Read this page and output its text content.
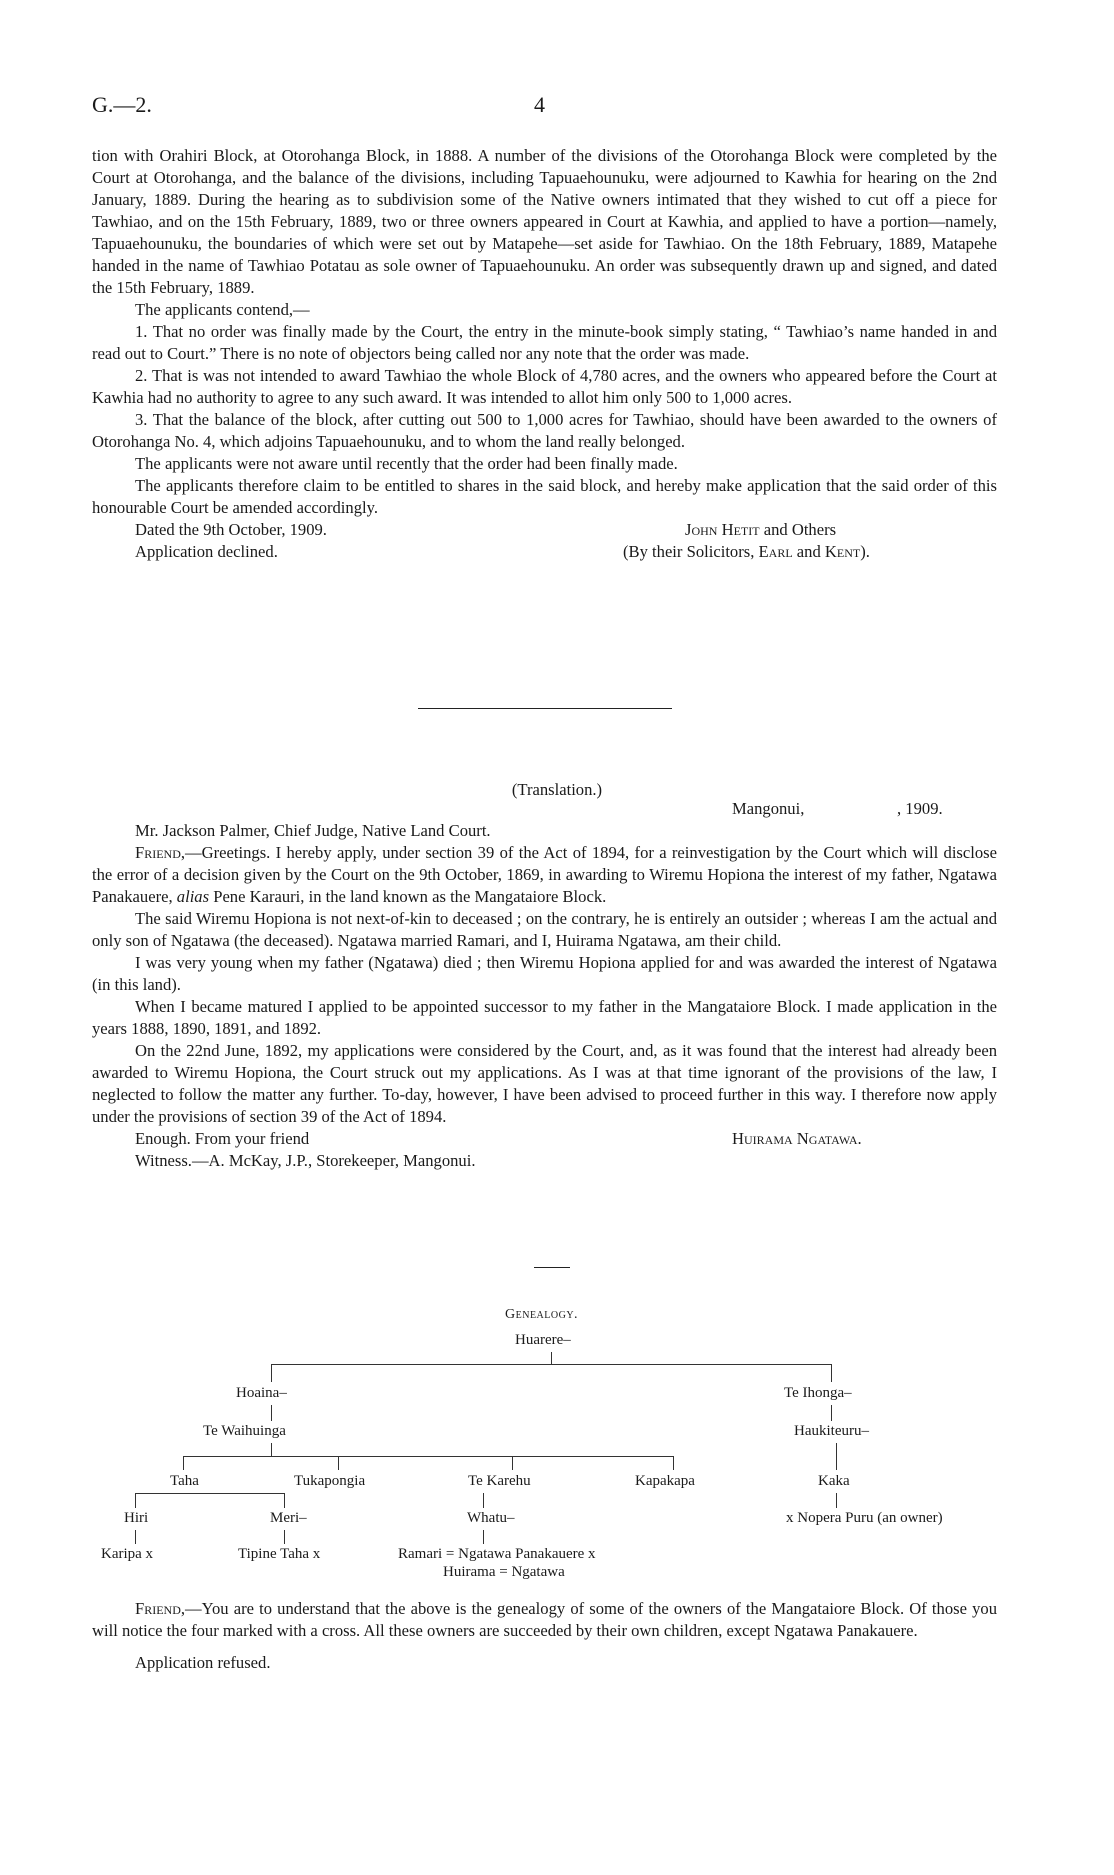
G.—2.	4

tion with Orahiri Block, at Otorohanga Block, in 1888. A number of the divisions of the Otorohanga Block were completed by the Court at Otorohanga, and the balance of the divisions, including Tapuaehounuku, were adjourned to Kawhia for hearing on the 2nd January, 1889. During the hearing as to subdivision some of the Native owners intimated that they wished to cut off a piece for Tawhiao, and on the 15th February, 1889, two or three owners appeared in Court at Kawhia, and applied to have a portion—namely, Tapuaehounuku, the boundaries of which were set out by Matapehe—set aside for Tawhiao. On the 18th February, 1889, Matapehe handed in the name of Tawhiao Potatau as sole owner of Tapuaehounuku. An order was subsequently drawn up and signed, and dated the 15th February, 1889.

The applicants contend,—

1. That no order was finally made by the Court, the entry in the minute-book simply stating, “ Tawhiao’s name handed in and read out to Court.” There is no note of objectors being called nor any note that the order was made.

2. That is was not intended to award Tawhiao the whole Block of 4,780 acres, and the owners who appeared before the Court at Kawhia had no authority to agree to any such award. It was intended to allot him only 500 to 1,000 acres.

3. That the balance of the block, after cutting out 500 to 1,000 acres for Tawhiao, should have been awarded to the owners of Otorohanga No. 4, which adjoins Tapuaehounuku, and to whom the land really belonged.

The applicants were not aware until recently that the order had been finally made.

The applicants therefore claim to be entitled to shares in the said block, and hereby make application that the said order of this honourable Court be amended accordingly.

Dated the 9th October, 1909.	John Hetit and Others
Application declined.	(By their Solicitors, Earl and Kent).
(Translation.)
Mangonui,	, 1909.

Mr. Jackson Palmer, Chief Judge, Native Land Court.

Friend,—Greetings. I hereby apply, under section 39 of the Act of 1894, for a reinvestigation by the Court which will disclose the error of a decision given by the Court on the 9th October, 1869, in awarding to Wiremu Hopiona the interest of my father, Ngatawa Panakauere, alias Pene Karauri, in the land known as the Mangataiore Block.

The said Wiremu Hopiona is not next-of-kin to deceased ; on the contrary, he is entirely an outsider ; whereas I am the actual and only son of Ngatawa (the deceased). Ngatawa married Ramari, and I, Huirama Ngatawa, am their child.

I was very young when my father (Ngatawa) died ; then Wiremu Hopiona applied for and was awarded the interest of Ngatawa (in this land).

When I became matured I applied to be appointed successor to my father in the Mangataiore Block. I made application in the years 1888, 1890, 1891, and 1892.

On the 22nd June, 1892, my applications were considered by the Court, and, as it was found that the interest had already been awarded to Wiremu Hopiona, the Court struck out my applications. As I was at that time ignorant of the provisions of the law, I neglected to follow the matter any further. To-day, however, I have been advised to proceed further in this way. I therefore now apply under the provisions of section 39 of the Act of 1894.

Enough. From your friend	Huirama Ngatawa.
Witness.—A. McKay, J.P., Storekeeper, Mangonui.
Genealogy.
Huarere–
Hoaina–	Te Ihonga–
Te Waihuinga	Haukiteuru–
Taha	Tukapongia	Te Karehu	Kapakapa	Kaka
Hiri	Meri–	Whatu–	x Nopera Puru (an owner)
Karipa x	Tipine Taha x	Ramari = Ngatawa Panakauere x
Huirama = Ngatawa

Friend,—You are to understand that the above is the genealogy of some of the owners of the Mangataiore Block. Of those you will notice the four marked with a cross. All these owners are succeeded by their own children, except Ngatawa Panakauere.

Application refused.
